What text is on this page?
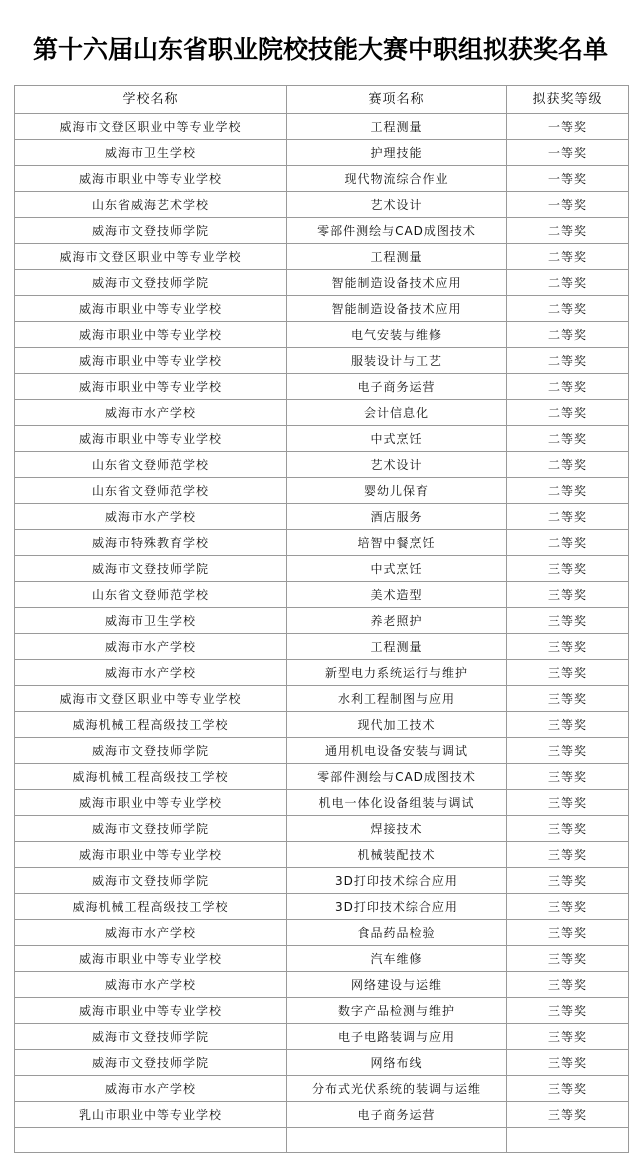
第十六届山东省职业院校技能大赛中职组拟获奖名单
学校名称	赛项名称	拟获奖等级
威海市文登区职业中等专业学校	工程测量	一等奖
威海市卫生学校	护理技能	一等奖
威海市职业中等专业学校	现代物流综合作业	一等奖
山东省威海艺术学校	艺术设计	一等奖
威海市文登技师学院	零部件测绘与CAD成图技术	二等奖
威海市文登区职业中等专业学校	工程测量	二等奖
威海市文登技师学院	智能制造设备技术应用	二等奖
威海市职业中等专业学校	智能制造设备技术应用	二等奖
威海市职业中等专业学校	电气安装与维修	二等奖
威海市职业中等专业学校	服装设计与工艺	二等奖
威海市职业中等专业学校	电子商务运营	二等奖
威海市水产学校	会计信息化	二等奖
威海市职业中等专业学校	中式烹饪	二等奖
山东省文登师范学校	艺术设计	二等奖
山东省文登师范学校	婴幼儿保育	二等奖
威海市水产学校	酒店服务	二等奖
威海市特殊教育学校	培智中餐烹饪	二等奖
威海市文登技师学院	中式烹饪	三等奖
山东省文登师范学校	美术造型	三等奖
威海市卫生学校	养老照护	三等奖
威海市水产学校	工程测量	三等奖
威海市水产学校	新型电力系统运行与维护	三等奖
威海市文登区职业中等专业学校	水利工程制图与应用	三等奖
威海机械工程高级技工学校	现代加工技术	三等奖
威海市文登技师学院	通用机电设备安装与调试	三等奖
威海机械工程高级技工学校	零部件测绘与CAD成图技术	三等奖
威海市职业中等专业学校	机电一体化设备组装与调试	三等奖
威海市文登技师学院	焊接技术	三等奖
威海市职业中等专业学校	机械装配技术	三等奖
威海市文登技师学院	3D打印技术综合应用	三等奖
威海机械工程高级技工学校	3D打印技术综合应用	三等奖
威海市水产学校	食品药品检验	三等奖
威海市职业中等专业学校	汽车维修	三等奖
威海市水产学校	网络建设与运维	三等奖
威海市职业中等专业学校	数字产品检测与维护	三等奖
威海市文登技师学院	电子电路装调与应用	三等奖
威海市文登技师学院	网络布线	三等奖
威海市水产学校	分布式光伏系统的装调与运维	三等奖
乳山市职业中等专业学校	电子商务运营	三等奖
